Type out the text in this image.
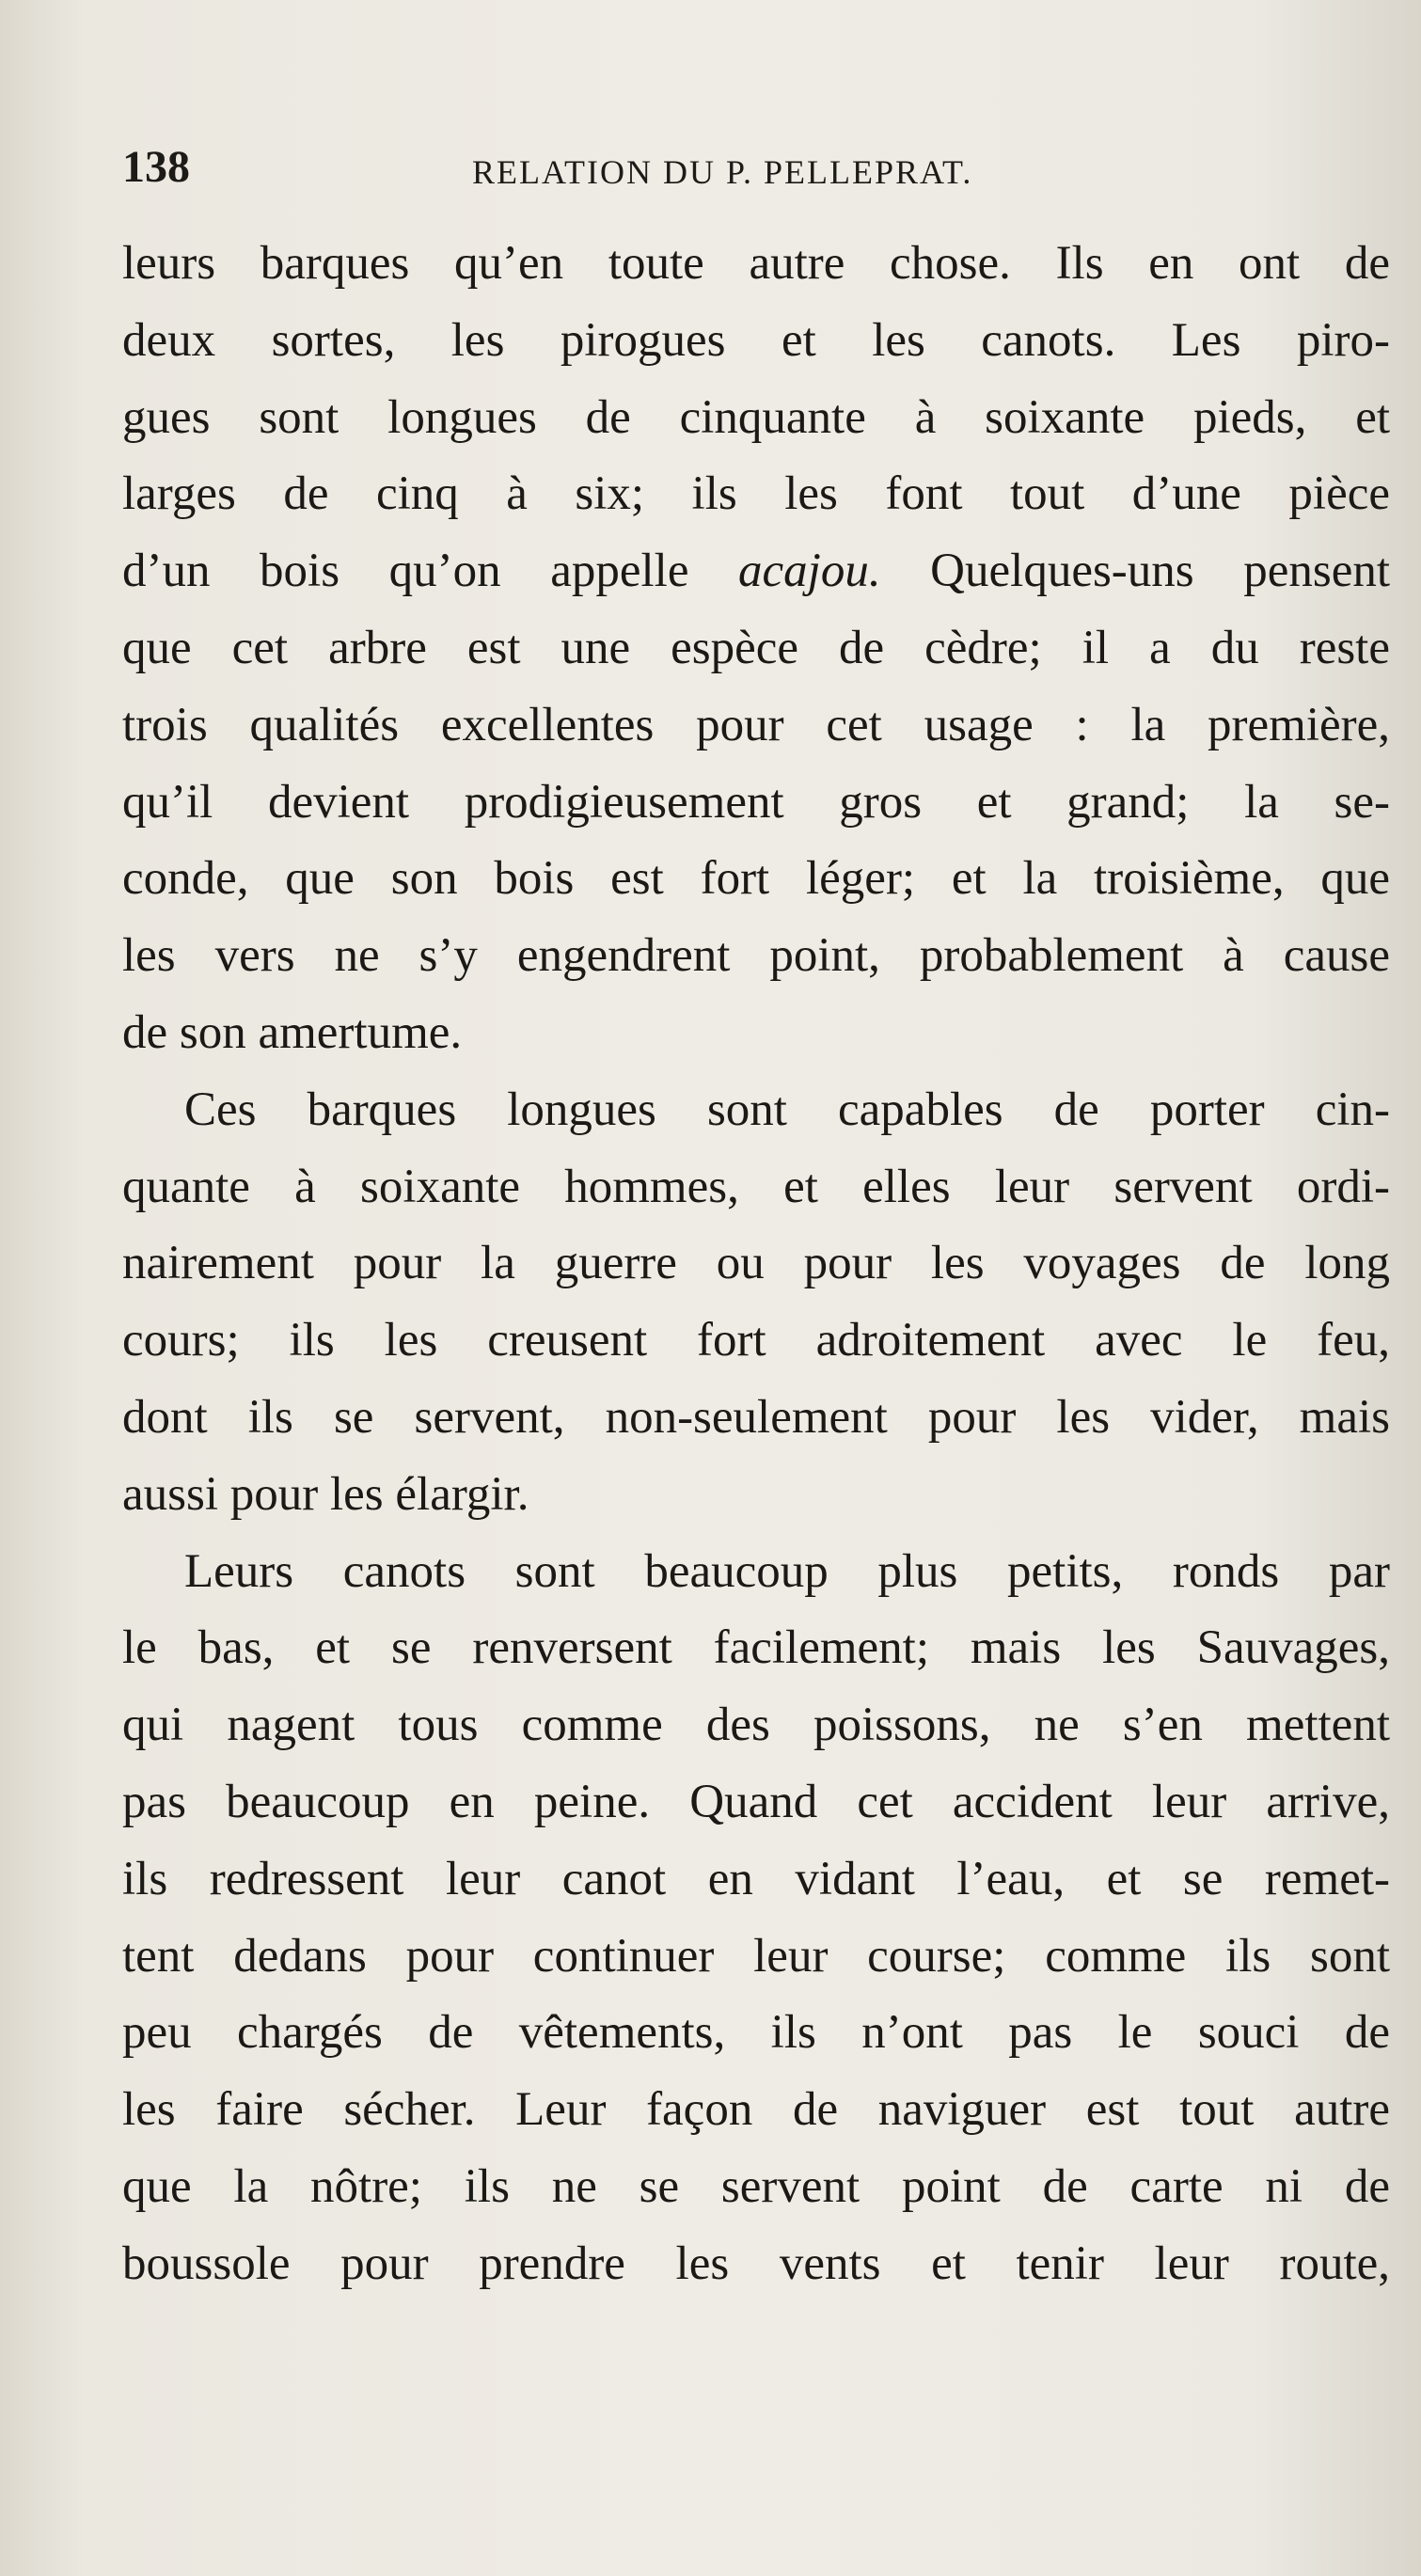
138	RELATION DU P. PELLEPRAT.
leurs barques qu’en toute autre chose. Ils en ont de
deux sortes, les pirogues et les canots. Les piro-
gues sont longues de cinquante à soixante pieds, et
larges de cinq à six; ils les font tout d’une pièce
d’un bois qu’on appelle acajou. Quelques-uns pensent
que cet arbre est une espèce de cèdre; il a du reste
trois qualités excellentes pour cet usage : la première,
qu’il devient prodigieusement gros et grand; la se-
conde, que son bois est fort léger; et la troisième, que
les vers ne s’y engendrent point, probablement à cause
de son amertume.
Ces barques longues sont capables de porter cin-
quante à soixante hommes, et elles leur servent ordi-
nairement pour la guerre ou pour les voyages de long
cours; ils les creusent fort adroitement avec le feu,
dont ils se servent, non-seulement pour les vider, mais
aussi pour les élargir.
Leurs canots sont beaucoup plus petits, ronds par
le bas, et se renversent facilement; mais les Sauvages,
qui nagent tous comme des poissons, ne s’en mettent
pas beaucoup en peine. Quand cet accident leur arrive,
ils redressent leur canot en vidant l’eau, et se remet-
tent dedans pour continuer leur course; comme ils sont
peu chargés de vêtements, ils n’ont pas le souci de
les faire sécher. Leur façon de naviguer est tout autre
que la nôtre; ils ne se servent point de carte ni de
boussole pour prendre les vents et tenir leur route,
